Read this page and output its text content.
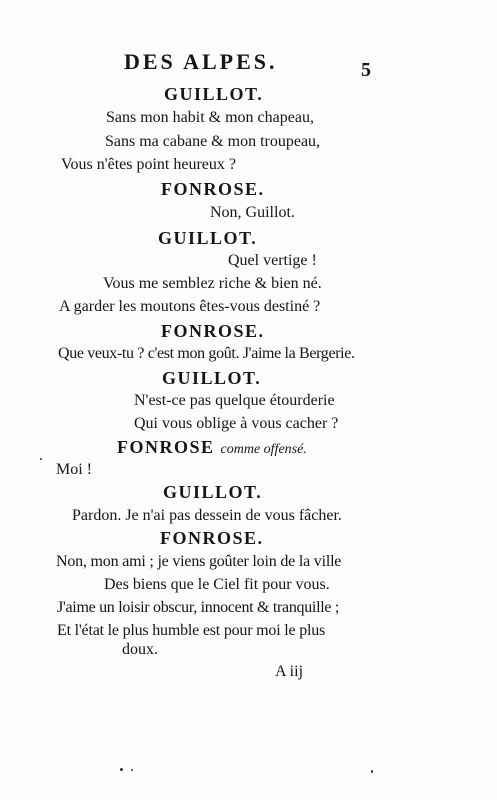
DES ALPES.	5
GUILLOT.
Sans mon habit & mon chapeau,
Sans ma cabane & mon troupeau,
Vous n'êtes point heureux ?
FONROSE.
Non, Guillot.
GUILLOT.
Quel vertige !
Vous me semblez riche & bien né.
A garder les moutons êtes-vous destiné ?
FONROSE.
Que veux-tu ? c'est mon goût. J'aime la Bergerie.
GUILLOT.
N'est-ce pas quelque étourderie
Qui vous oblige à vous cacher ?
FONROSE comme offensé.
Moi !
GUILLOT.
Pardon. Je n'ai pas dessein de vous fâcher.
FONROSE.
Non, mon ami ; je viens goûter loin de la ville
Des biens que le Ciel fit pour vous.
J'aime un loisir obscur, innocent & tranquille ;
Et l'état le plus humble est pour moi le plus
doux.
A iij
